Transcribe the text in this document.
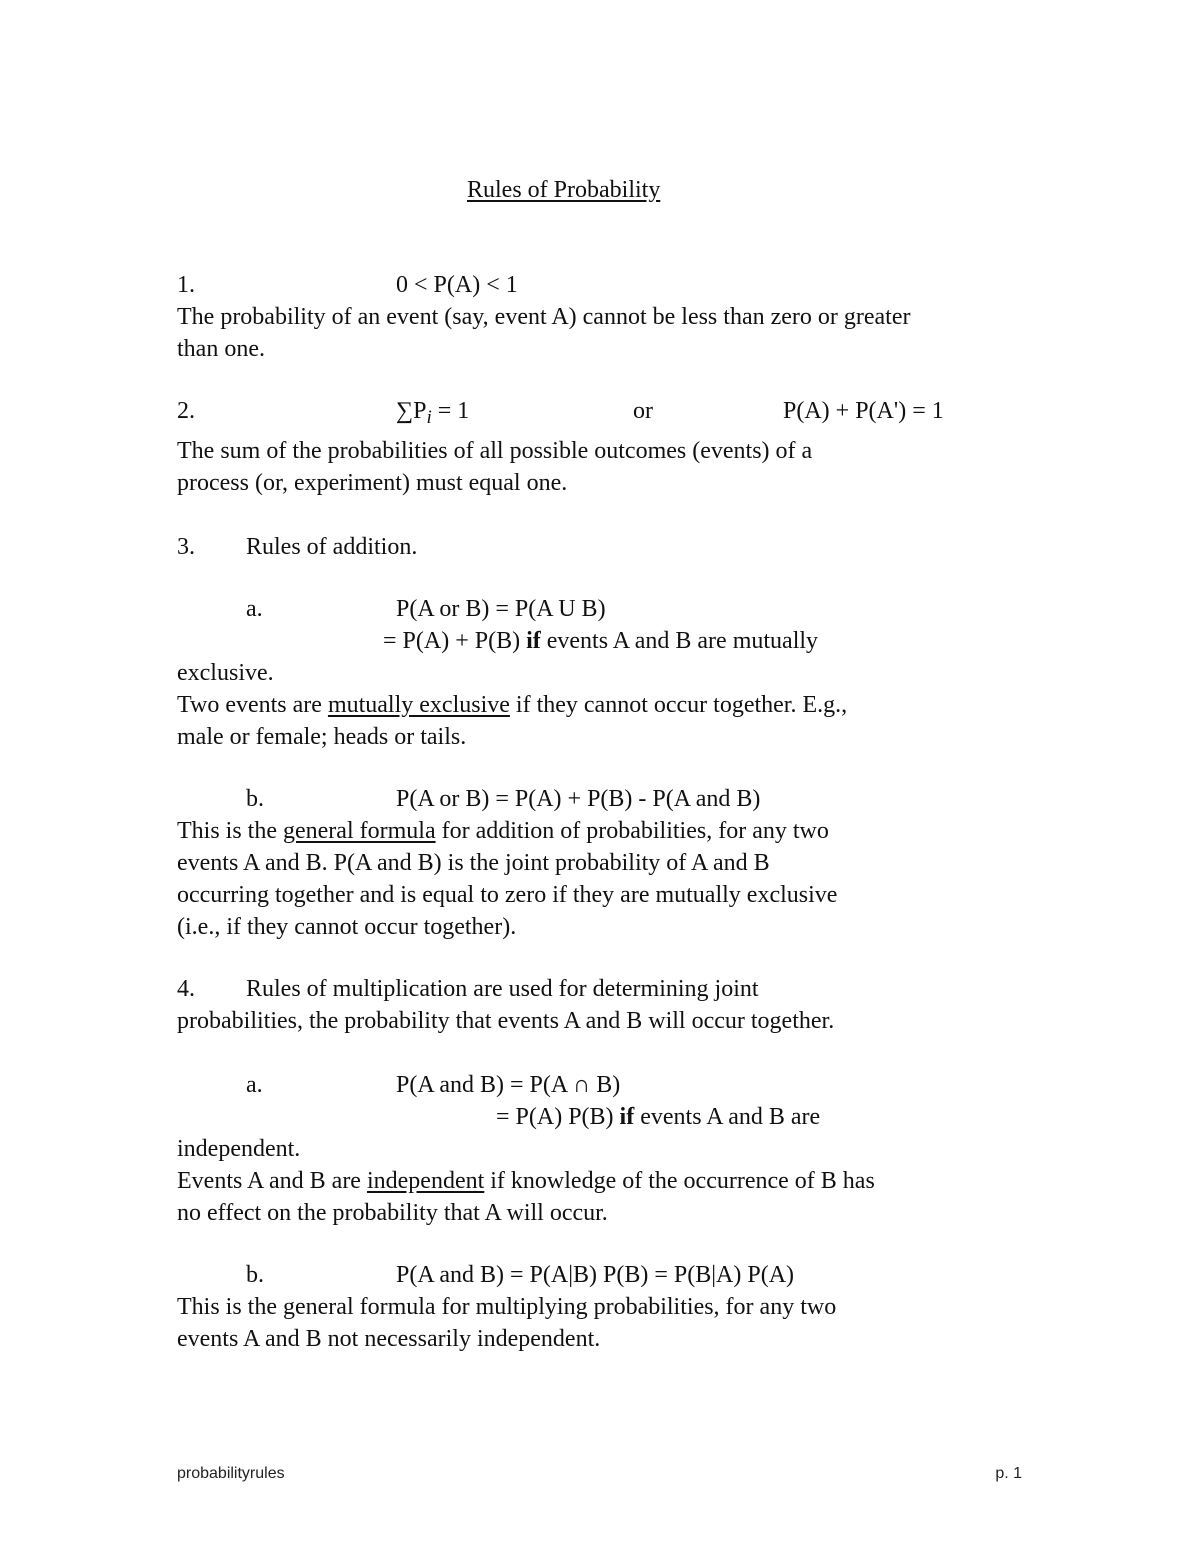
Rules of Probability
1.	0 < P(A) < 1
The probability of an event (say, event A) cannot be less than zero or greater
than one.
2.	$\sum P_i = 1$	or	P(A) + P(A') = 1
The sum of the probabilities of all possible outcomes (events) of a
process (or, experiment) must equal one.
3. Rules of addition.
a.	P(A or B) = P(A U B)
= P(A) + P(B) if events A and B are mutually
exclusive.
Two events are mutually exclusive if they cannot occur together. E.g.,
male or female; heads or tails.
b.	P(A or B) = P(A) + P(B) - P(A and B)
This is the general formula for addition of probabilities, for any two
events A and B. P(A and B) is the joint probability of A and B
occurring together and is equal to zero if they are mutually exclusive
(i.e., if they cannot occur together).
4. Rules of multiplication are used for determining joint
probabilities, the probability that events A and B will occur together.
a.	P(A and B) = P(A ∩ B)
= P(A) P(B) if events A and B are
independent.
Events A and B are independent if knowledge of the occurrence of B has
no effect on the probability that A will occur.
b.	P(A and B) = P(A|B) P(B) = P(B|A) P(A)
This is the general formula for multiplying probabilities, for any two
events A and B not necessarily independent.
probabilityrules	p. 1
